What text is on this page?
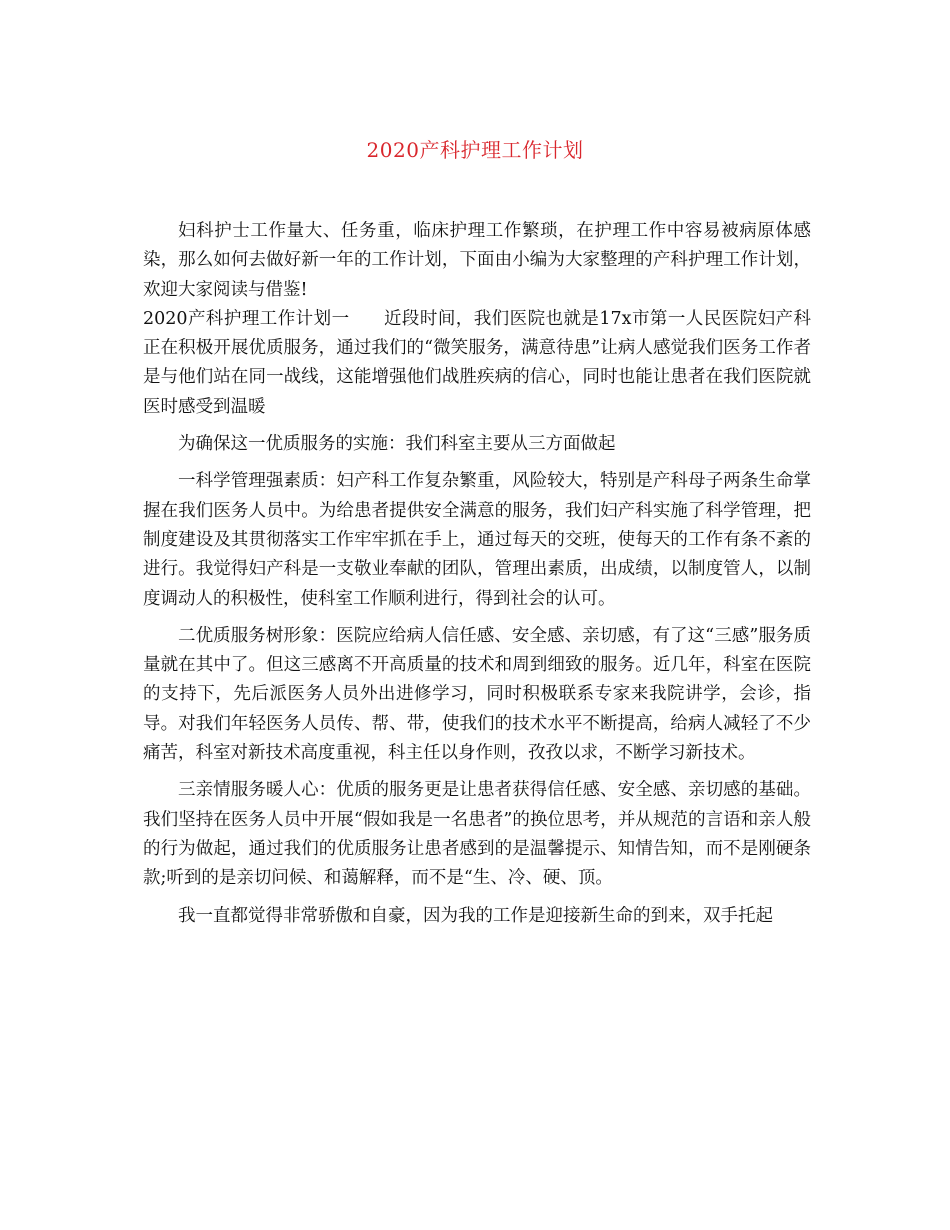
2020产科护理工作计划

妇科护士工作量大、任务重，临床护理工作繁琐，在护理工作中容易被病原体感染，那么如何去做好新一年的工作计划，下面由小编为大家整理的产科护理工作计划，欢迎大家阅读与借鉴!

2020产科护理工作计划一 近段时间，我们医院也就是17x市第一人民医院妇产科正在积极开展优质服务，通过我们的“微笑服务，满意待患”让病人感觉我们医务工作者是与他们站在同一战线，这能增强他们战胜疾病的信心，同时也能让患者在我们医院就医时感受到温暖

为确保这一优质服务的实施：我们科室主要从三方面做起

一科学管理强素质：妇产科工作复杂繁重，风险较大，特别是产科母子两条生命掌握在我们医务人员中。为给患者提供安全满意的服务，我们妇产科实施了科学管理，把制度建设及其贯彻落实工作牢牢抓在手上，通过每天的交班，使每天的工作有条不紊的进行。我觉得妇产科是一支敬业奉献的团队，管理出素质，出成绩，以制度管人，以制度调动人的积极性，使科室工作顺利进行，得到社会的认可。

二优质服务树形象：医院应给病人信任感、安全感、亲切感，有了这“三感”服务质量就在其中了。但这三感离不开高质量的技术和周到细致的服务。近几年，科室在医院的支持下，先后派医务人员外出进修学习，同时积极联系专家来我院讲学，会诊，指导。对我们年轻医务人员传、帮、带，使我们的技术水平不断提高，给病人减轻了不少痛苦，科室对新技术高度重视，科主任以身作则，孜孜以求，不断学习新技术。

三亲情服务暖人心：优质的服务更是让患者获得信任感、安全感、亲切感的基础。我们坚持在医务人员中开展“假如我是一名患者”的换位思考，并从规范的言语和亲人般的行为做起，通过我们的优质服务让患者感到的是温馨提示、知情告知，而不是刚硬条款;听到的是亲切问候、和蔼解释，而不是“生、冷、硬、顶。

我一直都觉得非常骄傲和自豪，因为我的工作是迎接新生命的到来，双手托起
